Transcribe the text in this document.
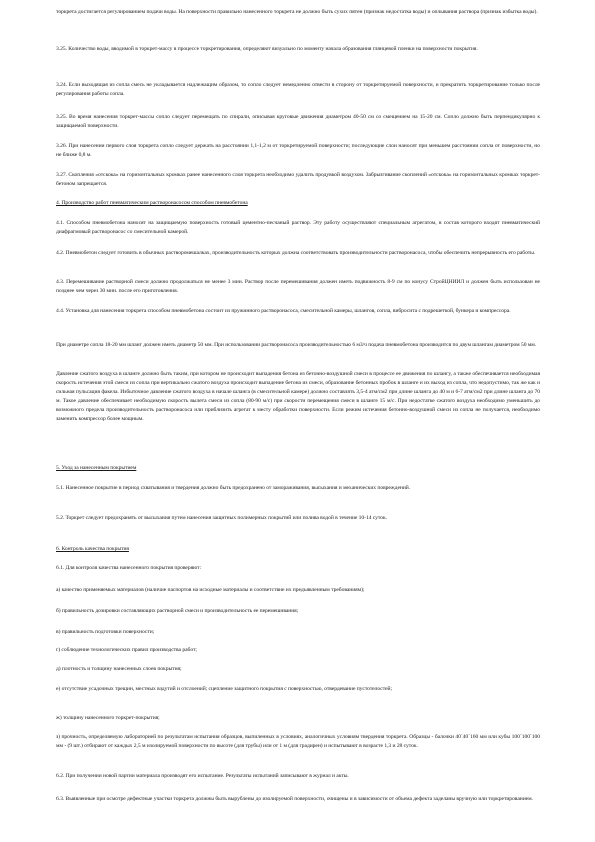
торкрета достигается регулированием подачи воды. На поверхности правильно нанесенного торкрета не должно быть сухих пятен (признак недостатка воды) и оплывания раствора (признак избытка воды).

3.25. Количество воды, вводимой в торкрет-массу в процессе торкретирования, определяют визуально по моменту начала образования глянцевой пленки на поверхности покрытия.

3.24. Если выходящая из сопла смесь не укладывается надлежащим образом, то сопло следует немедленно отвести в сторону от торкретируемой поверхности, и прекратить торкретирование только после регулирования работы сопла.

3.25. Во время нанесения торкрет-массы сопло следует перемещать по спирали, описывая круговые движения диаметром 40-50 см со смещением на 15-20 см. Сопло должно быть перпендикулярно к защищаемой поверхности.

3.26. При нанесении первого слоя торкрета сопло следует держать на расстоянии 1,1-1,2 м от торкретируемой поверхности; последующие слои наносят при меньшем расстоянии сопла от поверхности, но не ближе 0,8 м.

3.27. Скопления «отскока» на горизонтальных кромках ранее нанесенного слоя торкрета необходимо удалить продувкой воздухом. Забрызгивание скоплений «отскока» на горизонтальных кромках торкрет-бетоном запрещается.

4. Производство работ пневматическим растворонасосом способом пневмобетона

4.1. Способом пневмобетона наносят на защищаемую поверхность готовый цементно-песчаный раствор. Эту работу осуществляют специальным агрегатом, в состав которого входят пневматический диафрагмовый растворонасос со смесительной камерой.

4.2. Пневмобетон следует готовить в обычных растворомешалках, производительность которых должна соответствовать производительности растворонасоса, чтобы обеспечить непрерывность его работы.

4.3. Перемешивание растворной смеси должно продолжаться не менее 3 мин. Раствор после перемешивания должен иметь подвижность 8-9 см по конусу СтройЦНИИЛ и должен быть использован не позднее чем через 30 мин. после его приготовления.

4.4. Установка для нанесения торкрета способом пневмобетона состоит из пружинного растворонасоса, смесительной камеры, шлангов, сопла, вибросита с подрешеткой, бункера и компрессора.

При диаметре сопла 18-20 мм шланг должен иметь диаметр 50 мм. При использовании растворонасоса производительностью 6 м3/ч подача пневмобетона производится по двум шлангам диаметром 50 мм.

Давление сжатого воздуха в шланге должно быть таким, при котором не происходит выпадения бетона из бетонно-воздушной смеси в процессе ее движения по шлангу, а также обеспечивается необходимая скорость истечения этой смеси из сопла при вертикально сжатого воздуха происходит выпадение бетона из смеси, образование бетонных пробок в шланге и их выход из сопла, что недопустимо, так же как и сильная пульсация факела. Избыточное давление сжатого воздуха в начале шланга (в смесительной камере) должно составлять 3,5-4 атм/см2 при длине шланга до 40 м и 6-7 атм/см2 при длине шланга до 70 м. Такое давление обеспечивает необходимую скорость вылета смеси из сопла (80-90 м/с) при скорости перемещения смеси в шланге 15 м/с. При недостатке сжатого воздуха необходимо уменьшить до возможного предела производительность растворонасоса или приблизить агрегат к месту обработки поверхности. Если режим истечения бетонно-воздушной смеси из сопла не получается, необходимо заменить компрессор более мощным.

5. Уход за нанесенным покрытием

5.1. Нанесенное покрытие в период схватывания и твердения должно быть предохранено от замораживания, высыхания и механических повреждений.

5.2. Торкрет следует предохранять от высыхания путем нанесения защитных полимерных покрытий или полива водой в течение 10-14 суток.

6. Контроль качества покрытия

6.1. Для контроля качества нанесенного покрытия проверяют:

а) качество применяемых материалов (наличие паспортов на исходные материалы и соответствие их предъявленным требованиям);

б) правильность дозировки составляющих растворной смеси и производительность ее перемешивания;

в) правильность подготовки поверхности;

г) соблюдение технологических правил производства работ;

д) плотность и толщину нанесенных слоев покрытия;

е) отсутствие усадочных трещин, местных вздутий и отслоений; сцепление защитного покрытия с поверхностью, отвердевание пустотелостей;

ж) толщину нанесенного торкрет-покрытия;

з) прочность, определяемую лабораторией по результатам испытания образцов, выпиленных в условиях, аналогичных условиям твердения торкрета. Образцы - балочки 40´40´160 мм или кубы 100´100´100 мм - (9 шт.) отбирают от каждых 2,5 м изолируемой поверхности по высоте (для трубы) или от 1 м (для градирен) и испытывают в возрасте 1,3 и 28 суток.

6.2. При получении новой партии материала производят его испытание. Результаты испытаний записывают в журнал и акты.

6.3. Выявленные при осмотре дефектные участки торкрета должны быть вырублены до изолируемой поверхности, очищены и в зависимости от объема дефекта заделаны вручную или торкретированием.
